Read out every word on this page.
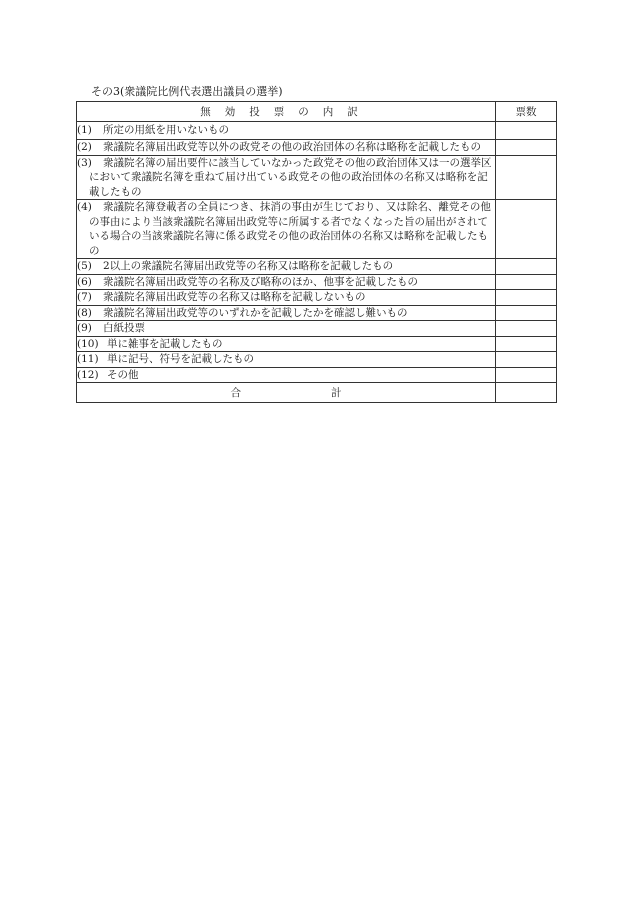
その3(衆議院比例代表選出議員の選挙)
無効投票の内訳	票数

(1) 所定の用紙を用いないもの	

(2) 衆議院名簿届出政党等以外の政党その他の政治団体の名称は略称を記載したもの	

(3) 衆議院名簿の届出要件に該当していなかった政党その他の政治団体又は一の選挙区において衆議院名簿を重ねて届け出ている政党その他の政治団体の名称又は略称を記載したもの	

(4) 衆議院名簿登載者の全員につき、抹消の事由が生じており、又は除名、離党その他の事由により当該衆議院名簿届出政党等に所属する者でなくなった旨の届出がされている場合の当該衆議院名簿に係る政党その他の政治団体の名称又は略称を記載したもの	

(5) 2以上の衆議院名簿届出政党等の名称又は略称を記載したもの	

(6) 衆議院名簿届出政党等の名称及び略称のほか、他事を記載したもの	

(7) 衆議院名簿届出政党等の名称又は略称を記載しないもの	

(8) 衆議院名簿届出政党等のいずれかを記載したかを確認し難いもの	

(9) 白紙投票	

(10) 単に雑事を記載したもの	

(11) 単に記号、符号を記載したもの	

(12) その他	

合 計	
